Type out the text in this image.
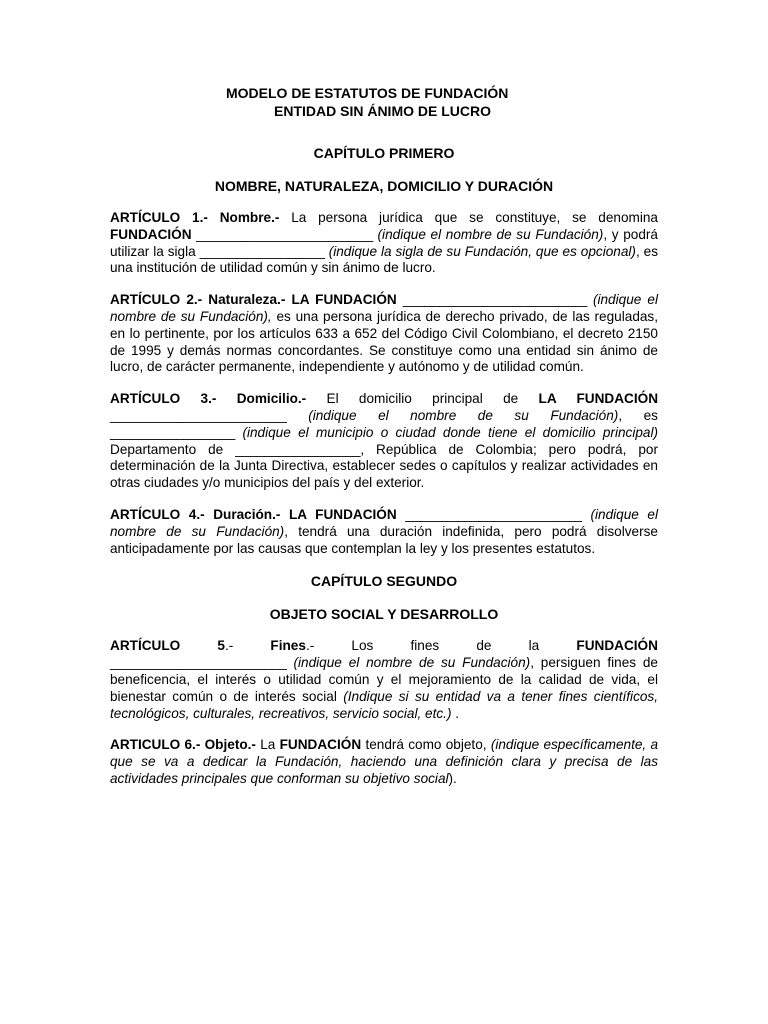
MODELO DE ESTATUTOS DE FUNDACIÓN
ENTIDAD SIN ÁNIMO DE LUCRO
CAPÍTULO PRIMERO
NOMBRE, NATURALEZA, DOMICILIO Y DURACIÓN

ARTÍCULO 1.- Nombre.- La persona jurídica que se constituye, se denomina FUNDACIÓN ________________________ (indique el nombre de su Fundación), y podrá utilizar la sigla _________________ (indique la sigla de su Fundación, que es opcional), es una institución de utilidad común y sin ánimo de lucro.

ARTÍCULO 2.- Naturaleza.- LA FUNDACIÓN _________________________ (indique el nombre de su Fundación), es una persona jurídica de derecho privado, de las reguladas, en lo pertinente, por los artículos 633 a 652 del Código Civil Colombiano, el decreto 2150 de 1995 y demás normas concordantes. Se constituye como una entidad sin ánimo de lucro, de carácter permanente, independiente y autónomo y de utilidad común.

ARTÍCULO 3.- Domicilio.- El domicilio principal de LA FUNDACIÓN ________________________ (indique el nombre de su Fundación), es _________________ (indique el municipio o ciudad donde tiene el domicilio principal) Departamento de _________________, República de Colombia; pero podrá, por determinación de la Junta Directiva, establecer sedes o capítulos y realizar actividades en otras ciudades y/o municipios del país y del exterior.

ARTÍCULO 4.- Duración.- LA FUNDACIÓN ________________________ (indique el nombre de su Fundación), tendrá una duración indefinida, pero podrá disolverse anticipadamente por las causas que contemplan la ley y los presentes estatutos.

CAPÍTULO SEGUNDO
OBJETO SOCIAL Y DESARROLLO
ARTÍCULO	5.-	Fines.-	Los	fines	de	la	FUNDACIÓN

________________________ (indique el nombre de su Fundación), persiguen fines de beneficencia, el interés o utilidad común y el mejoramiento de la calidad de vida, el bienestar común o de interés social (Indique si su entidad va a tener fines científicos, tecnológicos, culturales, recreativos, servicio social, etc.) .

ARTICULO 6.- Objeto.- La FUNDACIÓN tendrá como objeto, (indique específicamente, a que se va a dedicar la Fundación, haciendo una definición clara y precisa de las actividades principales que conforman su objetivo social).
